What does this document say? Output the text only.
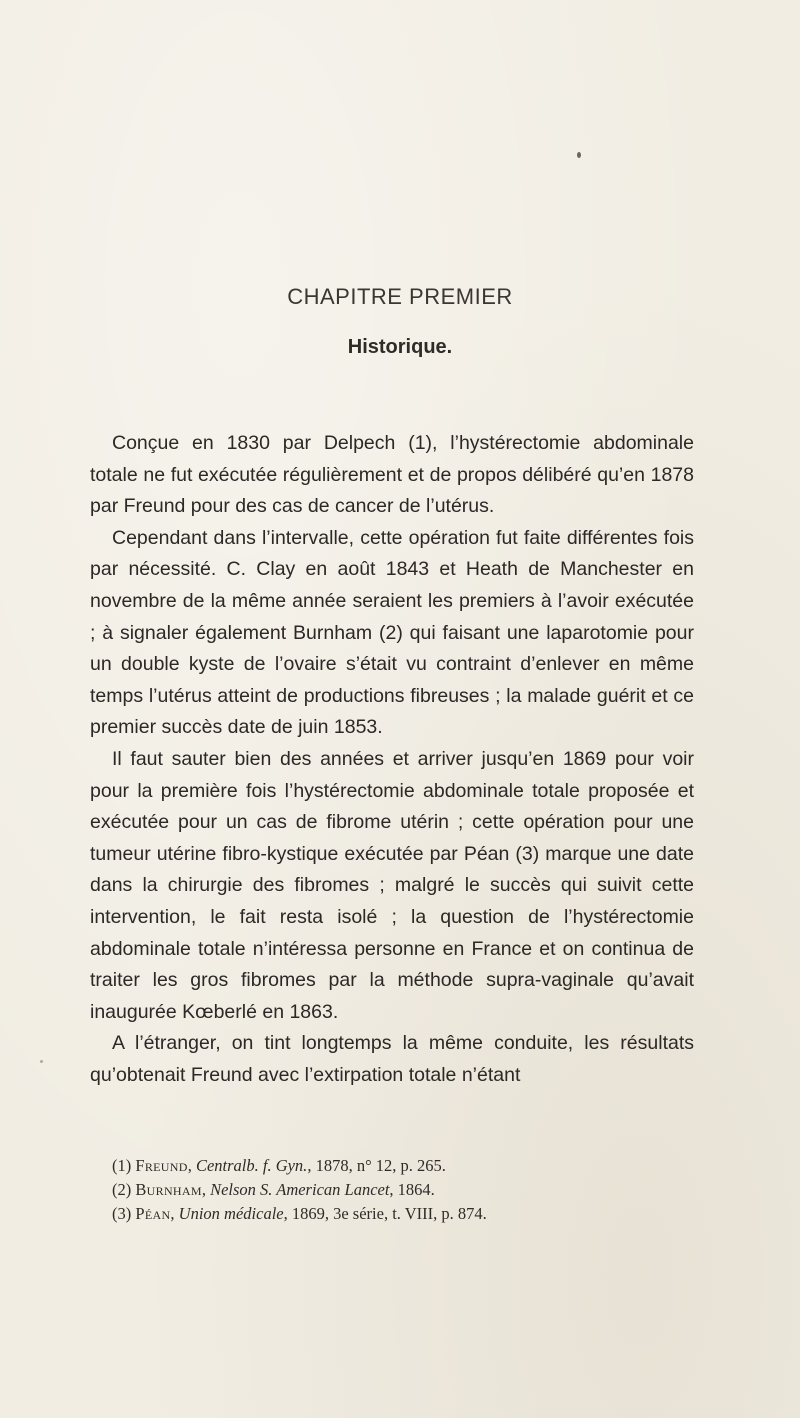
CHAPITRE PREMIER
Historique.

Conçue en 1830 par Delpech (1), l’hystérectomie abdominale totale ne fut exécutée régulièrement et de propos délibéré qu’en 1878 par Freund pour des cas de cancer de l’utérus.

Cependant dans l’intervalle, cette opération fut faite différentes fois par nécessité. C. Clay en août 1843 et Heath de Manchester en novembre de la même année seraient les premiers à l’avoir exécutée ; à signaler également Burnham (2) qui faisant une laparotomie pour un double kyste de l’ovaire s’était vu contraint d’enlever en même temps l’utérus atteint de productions fibreuses ; la malade guérit et ce premier succès date de juin 1853.

Il faut sauter bien des années et arriver jusqu’en 1869 pour voir pour la première fois l’hystérectomie abdominale totale proposée et exécutée pour un cas de fibrome utérin ; cette opération pour une tumeur utérine fibro-kystique exécutée par Péan (3) marque une date dans la chirurgie des fibromes ; malgré le succès qui suivit cette intervention, le fait resta isolé ; la question de l’hystérectomie abdominale totale n’intéressa personne en France et on continua de traiter les gros fibromes par la méthode supra-vaginale qu’avait inaugurée Kœberlé en 1863.

A l’étranger, on tint longtemps la même conduite, les résultats qu’obtenait Freund avec l’extirpation totale n’étant

(1) Freund, Centralb. f. Gyn., 1878, n° 12, p. 265.

(2) Burnham, Nelson S. American Lancet, 1864.

(3) Péan, Union médicale, 1869, 3e série, t. VIII, p. 874.
